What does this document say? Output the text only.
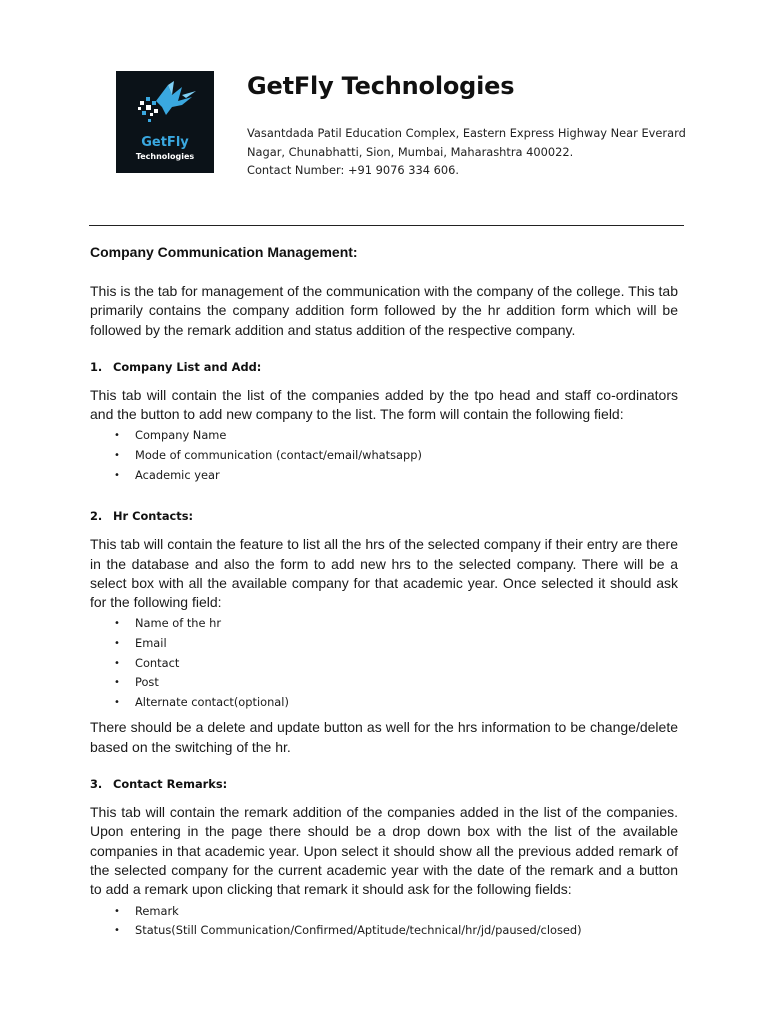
GetFly
Technologies
GetFly Technologies
Vasantdada Patil Education Complex, Eastern Express Highway Near Everard
Nagar, Chunabhatti, Sion, Mumbai, Maharashtra 400022.
Contact Number: +91 9076 334 606.
Company Communication Management:

This is the tab for management of the communication with the company of the college. This tab primarily contains the company addition form followed by the hr addition form which will be followed by the remark addition and status addition of the respective company.

1. Company List and Add:

This tab will contain the list of the companies added by the tpo head and staff co-ordinators and the button to add new company to the list. The form will contain the following field:

•	Company Name
•	Mode of communication (contact/email/whatsapp)
•	Academic year
2. Hr Contacts:

This tab will contain the feature to list all the hrs of the selected company if their entry are there in the database and also the form to add new hrs to the selected company. There will be a select box with all the available company for that academic year. Once selected it should ask for the following field:

•	Name of the hr
•	Email
•	Contact
•	Post
•	Alternate contact(optional)

There should be a delete and update button as well for the hrs information to be change/delete based on the switching of the hr.

3. Contact Remarks:

This tab will contain the remark addition of the companies added in the list of the companies. Upon entering in the page there should be a drop down box with the list of the available companies in that academic year. Upon select it should show all the previous added remark of the selected company for the current academic year with the date of the remark and a button to add a remark upon clicking that remark it should ask for the following fields:

•	Remark
•	Status(Still Communication/Confirmed/Aptitude/technical/hr/jd/paused/closed)
